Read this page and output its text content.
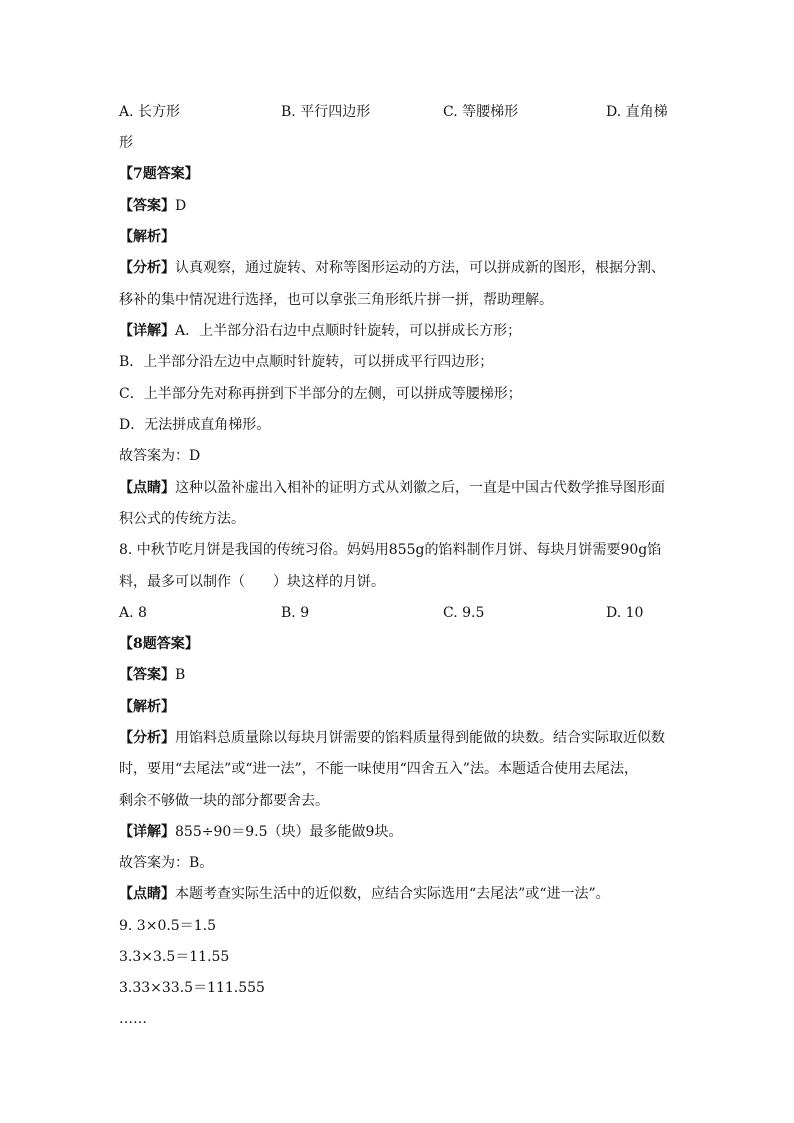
A. 长方形	B. 平行四边形	C. 等腰梯形	D. 直角梯
形
【7题答案】
【答案】D
【解析】
【分析】认真观察，通过旋转、对称等图形运动的方法，可以拼成新的图形，根据分割、
移补的集中情况进行选择，也可以拿张三角形纸片拼一拼，帮助理解。
【详解】A．上半部分沿右边中点顺时针旋转，可以拼成长方形；
B．上半部分沿左边中点顺时针旋转，可以拼成平行四边形；
C．上半部分先对称再拼到下半部分的左侧，可以拼成等腰梯形；
D．无法拼成直角梯形。
故答案为：D
【点睛】这种以盈补虚出入相补的证明方式从刘徽之后，一直是中国古代数学推导图形面
积公式的传统方法。
8. 中秋节吃月饼是我国的传统习俗。妈妈用855g的馅料制作月饼、每块月饼需要90g馅
料，最多可以制作（　　）块这样的月饼。
A. 8	B. 9	C. 9.5	D. 10
【8题答案】
【答案】B
【解析】
【分析】用馅料总质量除以每块月饼需要的馅料质量得到能做的块数。结合实际取近似数
时，要用“去尾法”或“进一法”，不能一味使用“四舍五入”法。本题适合使用去尾法，
剩余不够做一块的部分都要舍去。
【详解】855÷90＝9.5（块）最多能做9块。
故答案为：B。
【点睛】本题考查实际生活中的近似数，应结合实际选用“去尾法”或“进一法”。
9. 3×0.5＝1.5
3.3×3.5＝11.55
3.33×33.5＝111.555
……
